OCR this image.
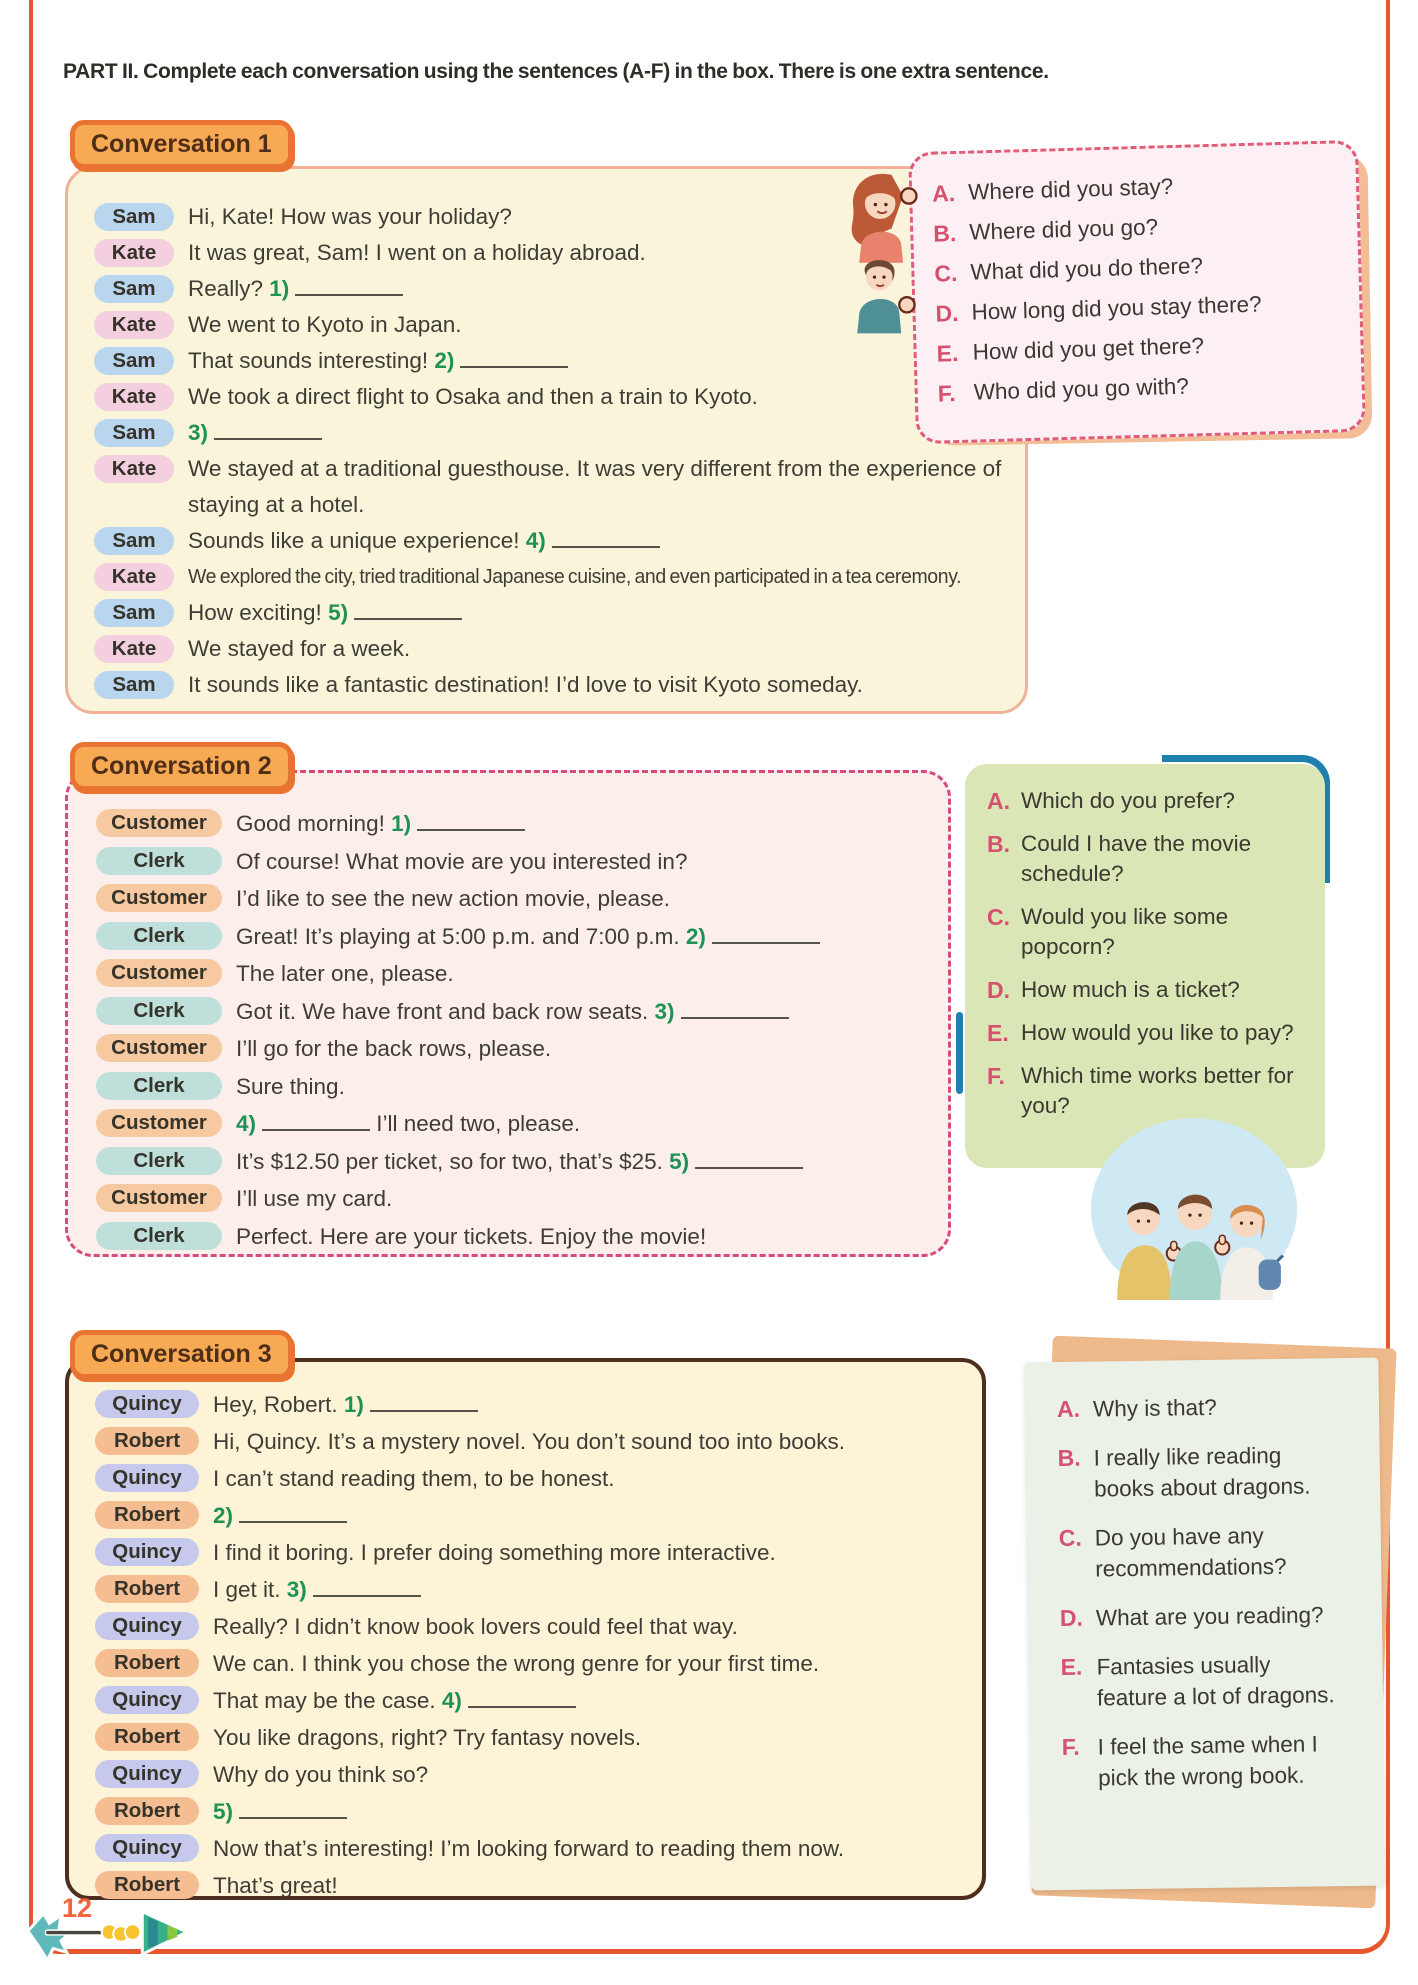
PART II. Complete each conversation using the sentences (A-F) in the box. There is one extra sentence.
Sam	Hi, Kate! How was your holiday?
Kate	It was great, Sam! I went on a holiday abroad.
Sam	Really? 1)
Kate	We went to Kyoto in Japan.
Sam	That sounds interesting! 2)
Kate	We took a direct flight to Osaka and then a train to Kyoto.
Sam	3)
Kate	We stayed at a traditional guesthouse. It was very different from the experience of staying at a hotel.
Sam	Sounds like a unique experience! 4)
Kate	We explored the city, tried traditional Japanese cuisine, and even participated in a tea ceremony.
Sam	How exciting! 5)
Kate	We stayed for a week.
Sam	It sounds like a fantastic destination! I’d love to visit Kyoto someday.
Conversation 1
A. Where did you stay?
B. Where did you go?
C. What did you do there?
D. How long did you stay there?
E. How did you get there?
F. Who did you go with?
Customer	Good morning! 1)
Clerk	Of course! What movie are you interested in?
Customer	I’d like to see the new action movie, please.
Clerk	Great! It’s playing at 5:00 p.m. and 7:00 p.m. 2)
Customer	The later one, please.
Clerk	Got it. We have front and back row seats. 3)
Customer	I’ll go for the back rows, please.
Clerk	Sure thing.
Customer	4)	I’ll need two, please.
Clerk	It’s $12.50 per ticket, so for two, that’s $25. 5)
Customer	I’ll use my card.
Clerk	Perfect. Here are your tickets. Enjoy the movie!
Conversation 2
A. Which do you prefer?
B. Could I have the movie schedule?
C. Would you like some popcorn?
D. How much is a ticket?
E. How would you like to pay?
F. Which time works better for you?
Quincy	Hey, Robert. 1)
Robert	Hi, Quincy. It’s a mystery novel. You don’t sound too into books.
Quincy	I can’t stand reading them, to be honest.
Robert	2)
Quincy	I find it boring. I prefer doing something more interactive.
Robert	I get it. 3)
Quincy	Really? I didn’t know book lovers could feel that way.
Robert	We can. I think you chose the wrong genre for your first time.
Quincy	That may be the case. 4)
Robert	You like dragons, right? Try fantasy novels.
Quincy	Why do you think so?
Robert	5)
Quincy	Now that’s interesting! I’m looking forward to reading them now.
Robert	That’s great!
Conversation 3
A. Why is that?
B. I really like reading books about dragons.
C. Do you have any recommendations?
D. What are you reading?
E. Fantasies usually feature a lot of dragons.
F. I feel the same when I pick the wrong book.
12
